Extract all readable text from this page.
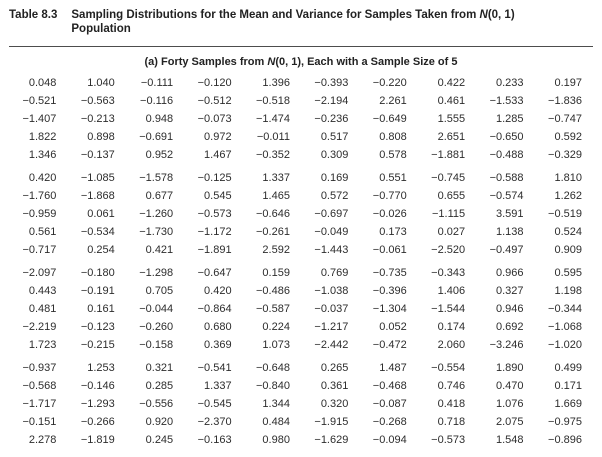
Table 8.3 Sampling Distributions for the Mean and Variance for Samples Taken from N(0, 1)
Population
(a) Forty Samples from N(0, 1), Each with a Sample Size of 5
0.048	1.040	−0.111	−0.120	1.396	−0.393	−0.220	0.422	0.233	0.197
−0.521	−0.563	−0.116	−0.512	−0.518	−2.194	2.261	0.461	−1.533	−1.836
−1.407	−0.213	0.948	−0.073	−1.474	−0.236	−0.649	1.555	1.285	−0.747
1.822	0.898	−0.691	0.972	−0.011	0.517	0.808	2.651	−0.650	0.592
1.346	−0.137	0.952	1.467	−0.352	0.309	0.578	−1.881	−0.488	−0.329
0.420	−1.085	−1.578	−0.125	1.337	0.169	0.551	−0.745	−0.588	1.810
−1.760	−1.868	0.677	0.545	1.465	0.572	−0.770	0.655	−0.574	1.262
−0.959	0.061	−1.260	−0.573	−0.646	−0.697	−0.026	−1.115	3.591	−0.519
0.561	−0.534	−1.730	−1.172	−0.261	−0.049	0.173	0.027	1.138	0.524
−0.717	0.254	0.421	−1.891	2.592	−1.443	−0.061	−2.520	−0.497	0.909
−2.097	−0.180	−1.298	−0.647	0.159	0.769	−0.735	−0.343	0.966	0.595
0.443	−0.191	0.705	0.420	−0.486	−1.038	−0.396	1.406	0.327	1.198
0.481	0.161	−0.044	−0.864	−0.587	−0.037	−1.304	−1.544	0.946	−0.344
−2.219	−0.123	−0.260	0.680	0.224	−1.217	0.052	0.174	0.692	−1.068
1.723	−0.215	−0.158	0.369	1.073	−2.442	−0.472	2.060	−3.246	−1.020
−0.937	1.253	0.321	−0.541	−0.648	0.265	1.487	−0.554	1.890	0.499
−0.568	−0.146	0.285	1.337	−0.840	0.361	−0.468	0.746	0.470	0.171
−1.717	−1.293	−0.556	−0.545	1.344	0.320	−0.087	0.418	1.076	1.669
−0.151	−0.266	0.920	−2.370	0.484	−1.915	−0.268	0.718	2.075	−0.975
2.278	−1.819	0.245	−0.163	0.980	−1.629	−0.094	−0.573	1.548	−0.896
